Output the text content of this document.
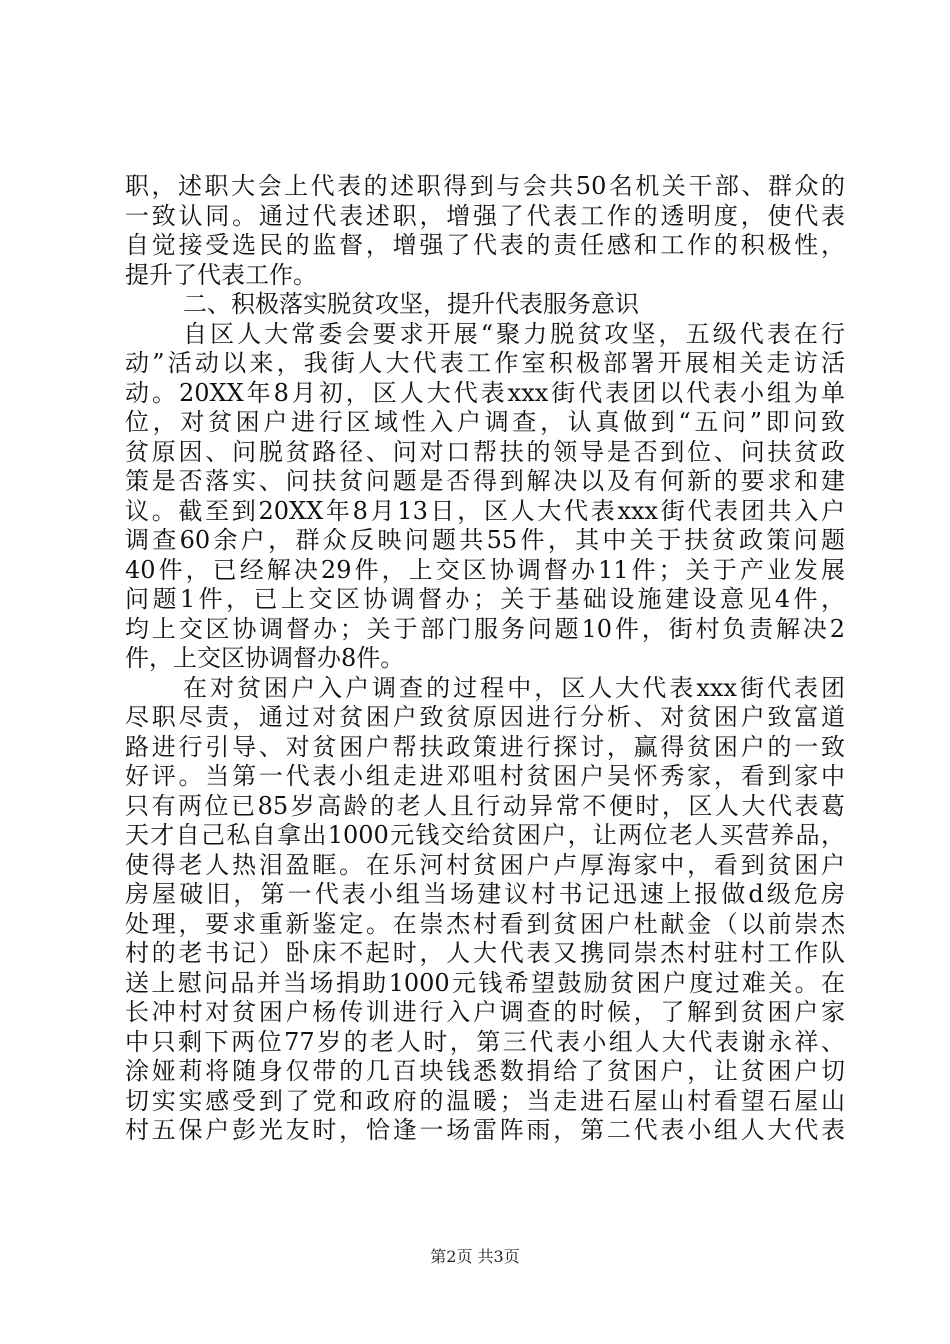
职，述职大会上代表的述职得到与会共50名机关干部、群众的
一致认同。通过代表述职，增强了代表工作的透明度，使代表
自觉接受选民的监督，增强了代表的责任感和工作的积极性，
提升了代表工作。
二、积极落实脱贫攻坚，提升代表服务意识
自区人大常委会要求开展“聚力脱贫攻坚，五级代表在行
动”活动以来，我街人大代表工作室积极部署开展相关走访活
动。20XX年8月初，区人大代表xxx街代表团以代表小组为单
位，对贫困户进行区域性入户调查，认真做到“五问”即问致
贫原因、问脱贫路径、问对口帮扶的领导是否到位、问扶贫政
策是否落实、问扶贫问题是否得到解决以及有何新的要求和建
议。截至到20XX年8月13日，区人大代表xxx街代表团共入户
调查60余户，群众反映问题共55件，其中关于扶贫政策问题
40件，已经解决29件，上交区协调督办11件；关于产业发展
问题1件，已上交区协调督办；关于基础设施建设意见4件，
均上交区协调督办；关于部门服务问题10件，街村负责解决2
件，上交区协调督办8件。
在对贫困户入户调查的过程中，区人大代表xxx街代表团
尽职尽责，通过对贫困户致贫原因进行分析、对贫困户致富道
路进行引导、对贫困户帮扶政策进行探讨，赢得贫困户的一致
好评。当第一代表小组走进邓咀村贫困户吴怀秀家，看到家中
只有两位已85岁高龄的老人且行动异常不便时，区人大代表葛
天才自己私自拿出1000元钱交给贫困户，让两位老人买营养品，
使得老人热泪盈眶。在乐河村贫困户卢厚海家中，看到贫困户
房屋破旧，第一代表小组当场建议村书记迅速上报做d级危房
处理，要求重新鉴定。在崇杰村看到贫困户杜献金（以前崇杰
村的老书记）卧床不起时，人大代表又携同崇杰村驻村工作队
送上慰问品并当场捐助1000元钱希望鼓励贫困户度过难关。在
长冲村对贫困户杨传训进行入户调查的时候，了解到贫困户家
中只剩下两位77岁的老人时，第三代表小组人大代表谢永祥、
涂娅莉将随身仅带的几百块钱悉数捐给了贫困户，让贫困户切
切实实感受到了党和政府的温暖；当走进石屋山村看望石屋山
村五保户彭光友时，恰逢一场雷阵雨，第二代表小组人大代表
第2页 共3页
